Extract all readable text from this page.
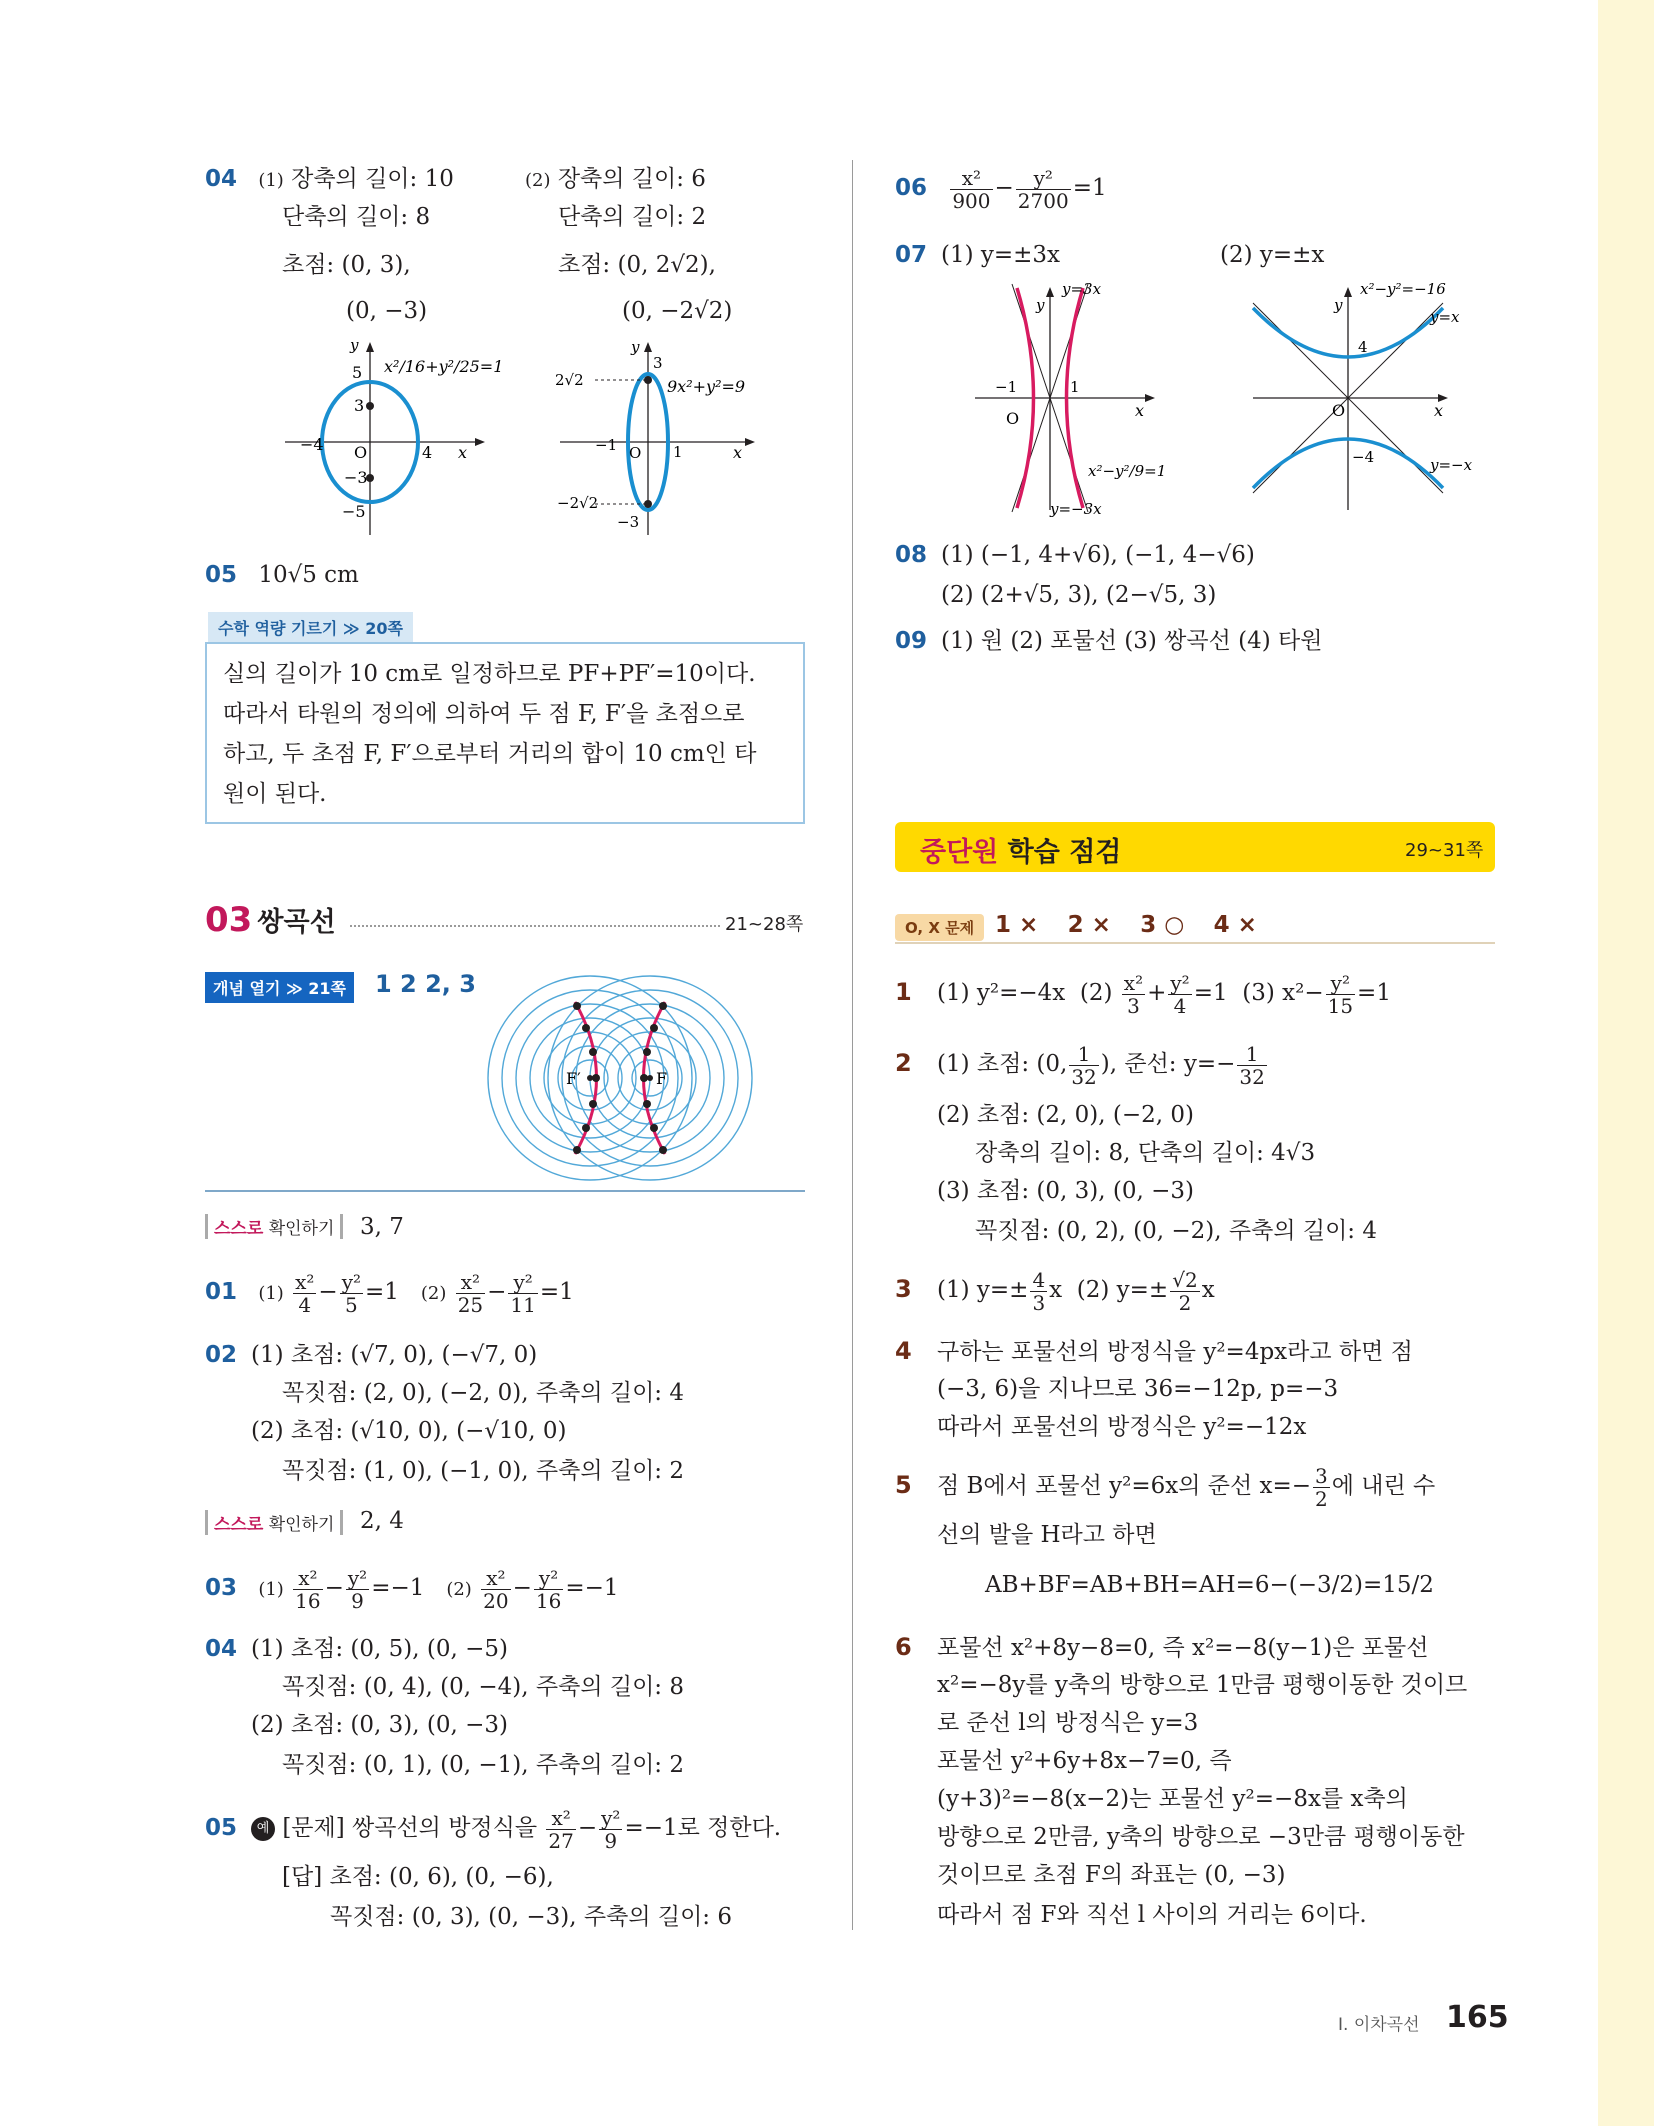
04 (1) 장축의 길이: 10	(2) 장축의 길이: 6
단축의 길이: 8	단축의 길이: 2
초점: (0, 3),	초점: (0, 2√2),
(0, −3)	(0, −2√2)
5
3
−4 O	4 x
−3
−5
y
x²/16+y²/25=1
2√2
3
−1 O 1	x
−2√2
−3
y
9x²+y²=9
05 10√5 cm
수학 역량 기르기 ≫ 20쪽
실의 길이가 10 cm로 일정하므로 PF+PF′=10이다.
따라서 타원의 정의에 의하여 두 점 F, F′을 초점으로
하고, 두 초점 F, F′으로부터 거리의 합이 10 cm인 타
원이 된다.
03 쌍곡선	21~28쪽
개념 열기 ≫ 21쪽	1 2 2, 3
F′	F
스스로 확인하기	3, 7
01 $(1) \frac{\text{x²}}{4} - \frac{\text{y²}}{5} =1$ $(2) \frac{\text{x²}}{25} - \frac{\text{y²}}{11} =1$
02 (1) 초점: (√7, 0), (−√7, 0)
꼭짓점: (2, 0), (−2, 0), 주축의 길이: 4
(2) 초점: (√10, 0), (−√10, 0)
꼭짓점: (1, 0), (−1, 0), 주축의 길이: 2
스스로 확인하기	2, 4
03 $(1) \frac{\text{x²}}{16} - \frac{\text{y²}}{9} =-1$ $(2) \frac{\text{x²}}{20} - \frac{\text{y²}}{16} =-1$
04 (1) 초점: (0, 5), (0, −5)
꼭짓점: (0, 4), (0, −4), 주축의 길이: 8
(2) 초점: (0, 3), (0, −3)
꼭짓점: (0, 1), (0, −1), 주축의 길이: 2
05 예 [문제] 쌍곡선의 방정식을 $\frac{\text{x²}}{27} - \frac{\text{y²}}{9} =-1$로 정한다.
[답] 초점: (0, 6), (0, −6),
꼭짓점: (0, 3), (0, −3), 주축의 길이: 6
$06 \frac{\text{x²}}{900} - \frac{\text{y²}}{2700} =1$
07 (1) y=±3x	(2) y=±x
−1	1
O	x
y
y=3x
y=−3x
x²−y²/9=1
4
−4
O	x
y
x²−y²=−16
y=x
y=−x
08 (1) (−1, 4+√6), (−1, 4−√6)
(2) (2+√5, 3), (2−√5, 3)
09 (1) 원 (2) 포물선 (3) 쌍곡선 (4) 타원
중단원 학습 점검	29~31쪽
O, X 문제 1 × 2 × 3 ○ 4 ×
1 (1) y²=−4x $(2) \frac{\text{x²}}{3} + \frac{\text{y²}}{4} =1$ (3) $x^2- \frac{\text{y²}}{15} =1$
2 (1) 초점: (0, $\frac{1}{32}$ ), 준선: $y=- \frac{1}{32}$
(2) 초점: (2, 0), (−2, 0)
장축의 길이: 8, 단축의 길이: 4√3
(3) 초점: (0, 3), (0, −3)
꼭짓점: (0, 2), (0, −2), 주축의 길이: 4
3 (1) $y=\pm \frac{4}{3}$ x (2) $y=\pm \frac{√2}{2}$ x
4 구하는 포물선의 방정식을 y²=4px라고 하면 점
(−3, 6)을 지나므로 36=−12p, p=−3
따라서 포물선의 방정식은 y²=−12x
5 점 B에서 포물선 y²=6x의 준선 $x=- \frac{3}{2}$ 에 내린 수
선의 발을 H라고 하면
AB+BF=AB+BH=AH=6−(−3/2)=15/2
6 포물선 x²+8y−8=0, 즉 x²=−8(y−1)은 포물선
x²=−8y를 y축의 방향으로 1만큼 평행이동한 것이므
로 준선 l의 방정식은 y=3
포물선 y²+6y+8x−7=0, 즉
(y+3)²=−8(x−2)는 포물선 y²=−8x를 x축의
방향으로 2만큼, y축의 방향으로 −3만큼 평행이동한
것이므로 초점 F의 좌표는 (0, −3)
따라서 점 F와 직선 l 사이의 거리는 6이다.
Ⅰ. 이차곡선 165
